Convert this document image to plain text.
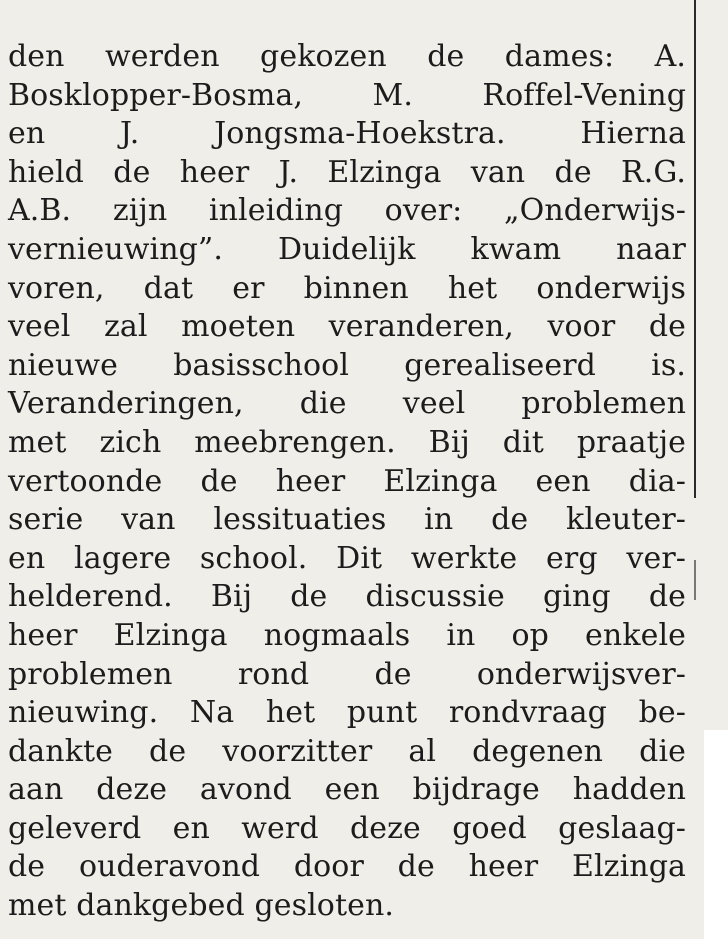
den werden gekozen de dames: A.
Bosklopper-Bosma, M. Roffel-Vening
en J. Jongsma-Hoekstra. Hierna
hield de heer J. Elzinga van de R.G.
A.B. zijn inleiding over: „Onderwijs-
vernieuwing”. Duidelijk kwam naar
voren, dat er binnen het onderwijs
veel zal moeten veranderen, voor de
nieuwe basisschool gerealiseerd is.
Veranderingen, die veel problemen
met zich meebrengen. Bij dit praatje
vertoonde de heer Elzinga een dia-
serie van lessituaties in de kleuter-
en lagere school. Dit werkte erg ver-
helderend. Bij de discussie ging de
heer Elzinga nogmaals in op enkele
problemen rond de onderwijsver-
nieuwing. Na het punt rondvraag be-
dankte de voorzitter al degenen die
aan deze avond een bijdrage hadden
geleverd en werd deze goed geslaag-
de ouderavond door de heer Elzinga
met dankgebed gesloten.
